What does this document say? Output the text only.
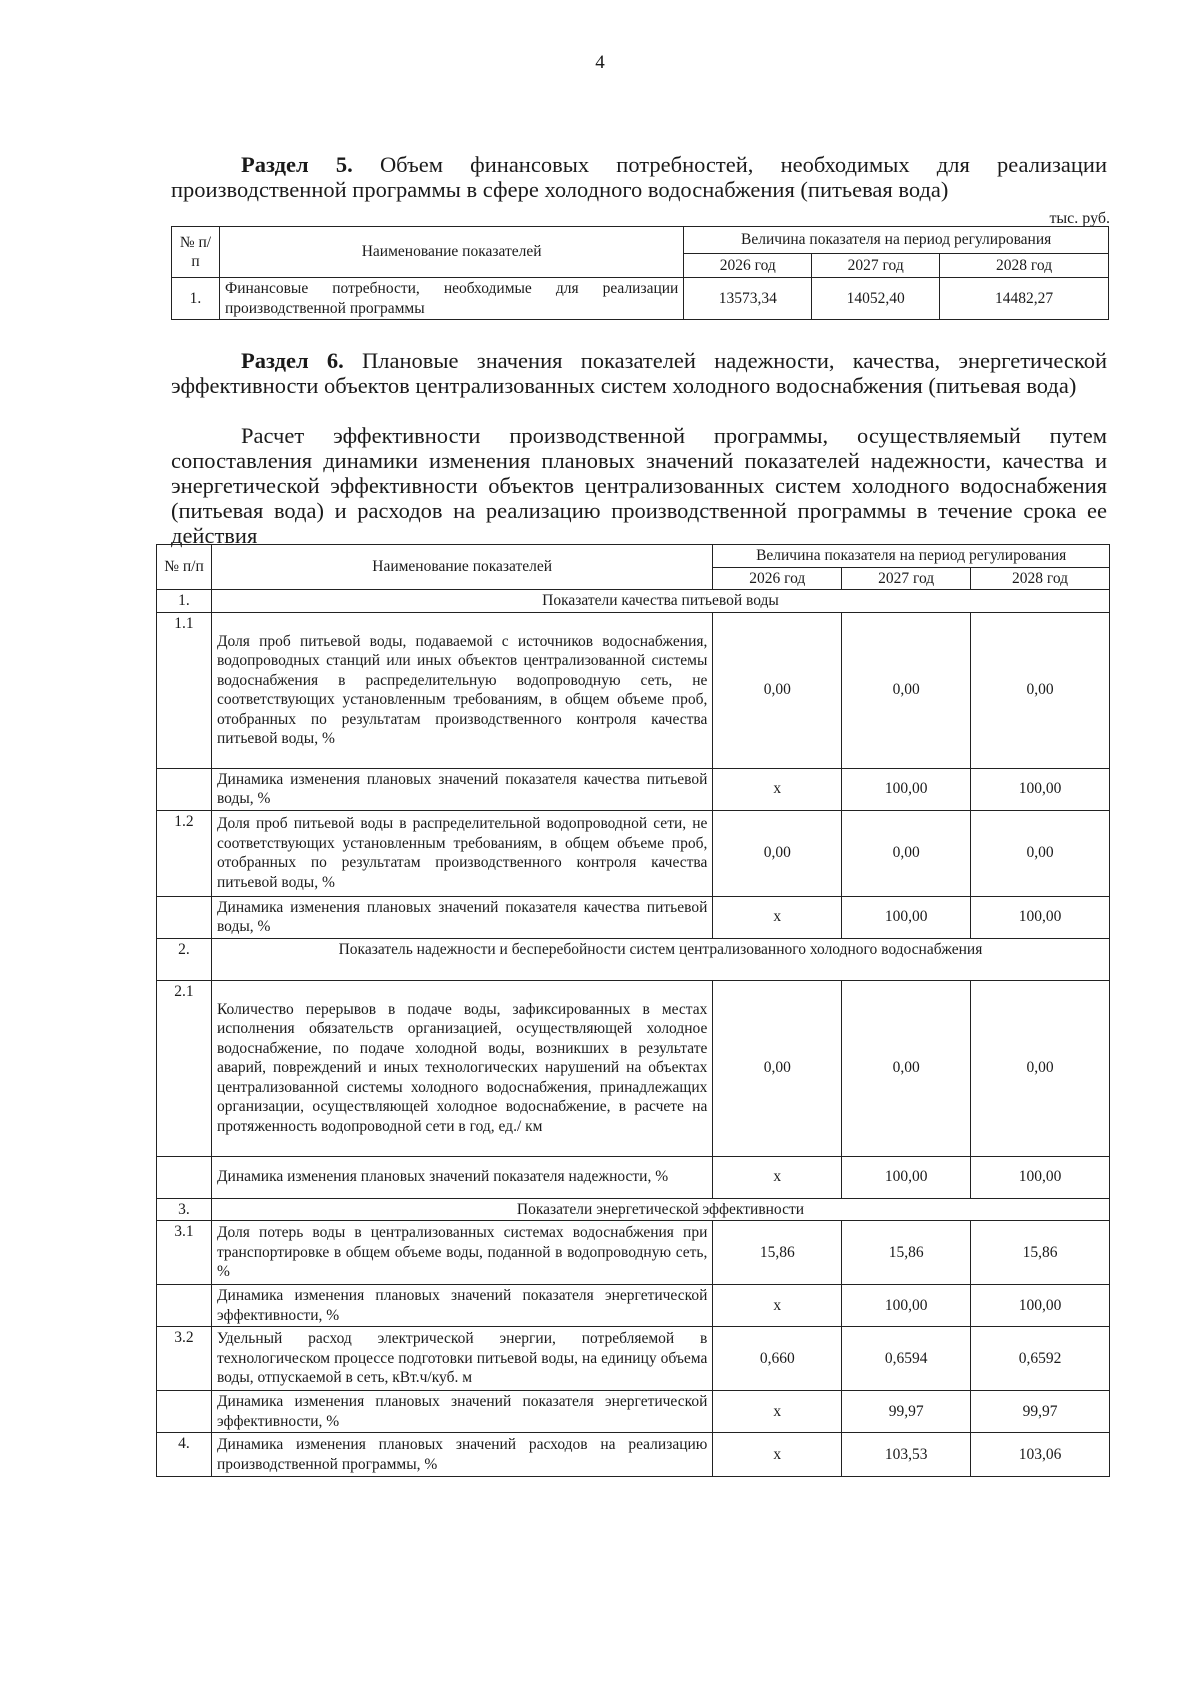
4
Раздел 5. Объем финансовых потребностей, необходимых для реализации производственной программы в сфере холодного водоснабжения (питьевая вода)
тыс. руб.
№ п/п	Наименование показателей	Величина показателя на период регулирования		
		2026 год	2027 год	2028 год
1.	Финансовые потребности, необходимые для реализации производственной программы	13573,34	14052,40	14482,27
Раздел 6. Плановые значения показателей надежности, качества, энергетической эффективности объектов централизованных систем холодного водоснабжения (питьевая вода)
Расчет эффективности производственной программы, осуществляемый путем сопоставления динамики изменения плановых значений показателей надежности, качества и энергетической эффективности объектов централизованных систем холодного водоснабжения (питьевая вода) и расходов на реализацию производственной программы в течение срока ее действия
№ п/п	Наименование показателей	Величина показателя на период регулирования		
		2026 год	2027 год	2028 год
1.	Показатели качества питьевой воды			
1.1	Доля проб питьевой воды, подаваемой с источников водоснабжения, водопроводных станций или иных объектов централизованной системы водоснабжения в распределительную водопроводную сеть, не соответствующих установленным требованиям, в общем объеме проб, отобранных по результатам производственного контроля качества питьевой воды, %	0,00	0,00	0,00
	Динамика изменения плановых значений показателя качества питьевой воды, %	х	100,00	100,00
1.2	Доля проб питьевой воды в распределительной водопроводной сети, не соответствующих установленным требованиям, в общем объеме проб, отобранных по результатам производственного контроля качества питьевой воды, %	0,00	0,00	0,00
	Динамика изменения плановых значений показателя качества питьевой воды, %	х	100,00	100,00
2.	Показатель надежности и бесперебойности систем централизованного холодного водоснабжения			
2.1	Количество перерывов в подаче воды, зафиксированных в местах исполнения обязательств организацией, осуществляющей холодное водоснабжение, по подаче холодной воды, возникших в результате аварий, повреждений и иных технологических нарушений на объектах централизованной системы холодного водоснабжения, принадлежащих организации, осуществляющей холодное водоснабжение, в расчете на протяженность водопроводной сети в год, ед./ км	0,00	0,00	0,00
	Динамика изменения плановых значений показателя надежности, %	х	100,00	100,00
3.	Показатели энергетической эффективности			
3.1	Доля потерь воды в централизованных системах водоснабжения при транспортировке в общем объеме воды, поданной в водопроводную сеть, %	15,86	15,86	15,86
	Динамика изменения плановых значений показателя энергетической эффективности, %	х	100,00	100,00
3.2	Удельный расход электрической энергии, потребляемой в технологическом процессе подготовки питьевой воды, на единицу объема воды, отпускаемой в сеть, кВт.ч/куб. м	0,660	0,6594	0,6592
	Динамика изменения плановых значений показателя энергетической эффективности, %	х	99,97	99,97
4.	Динамика изменения плановых значений расходов на реализацию производственной программы, %	х	103,53	103,06
